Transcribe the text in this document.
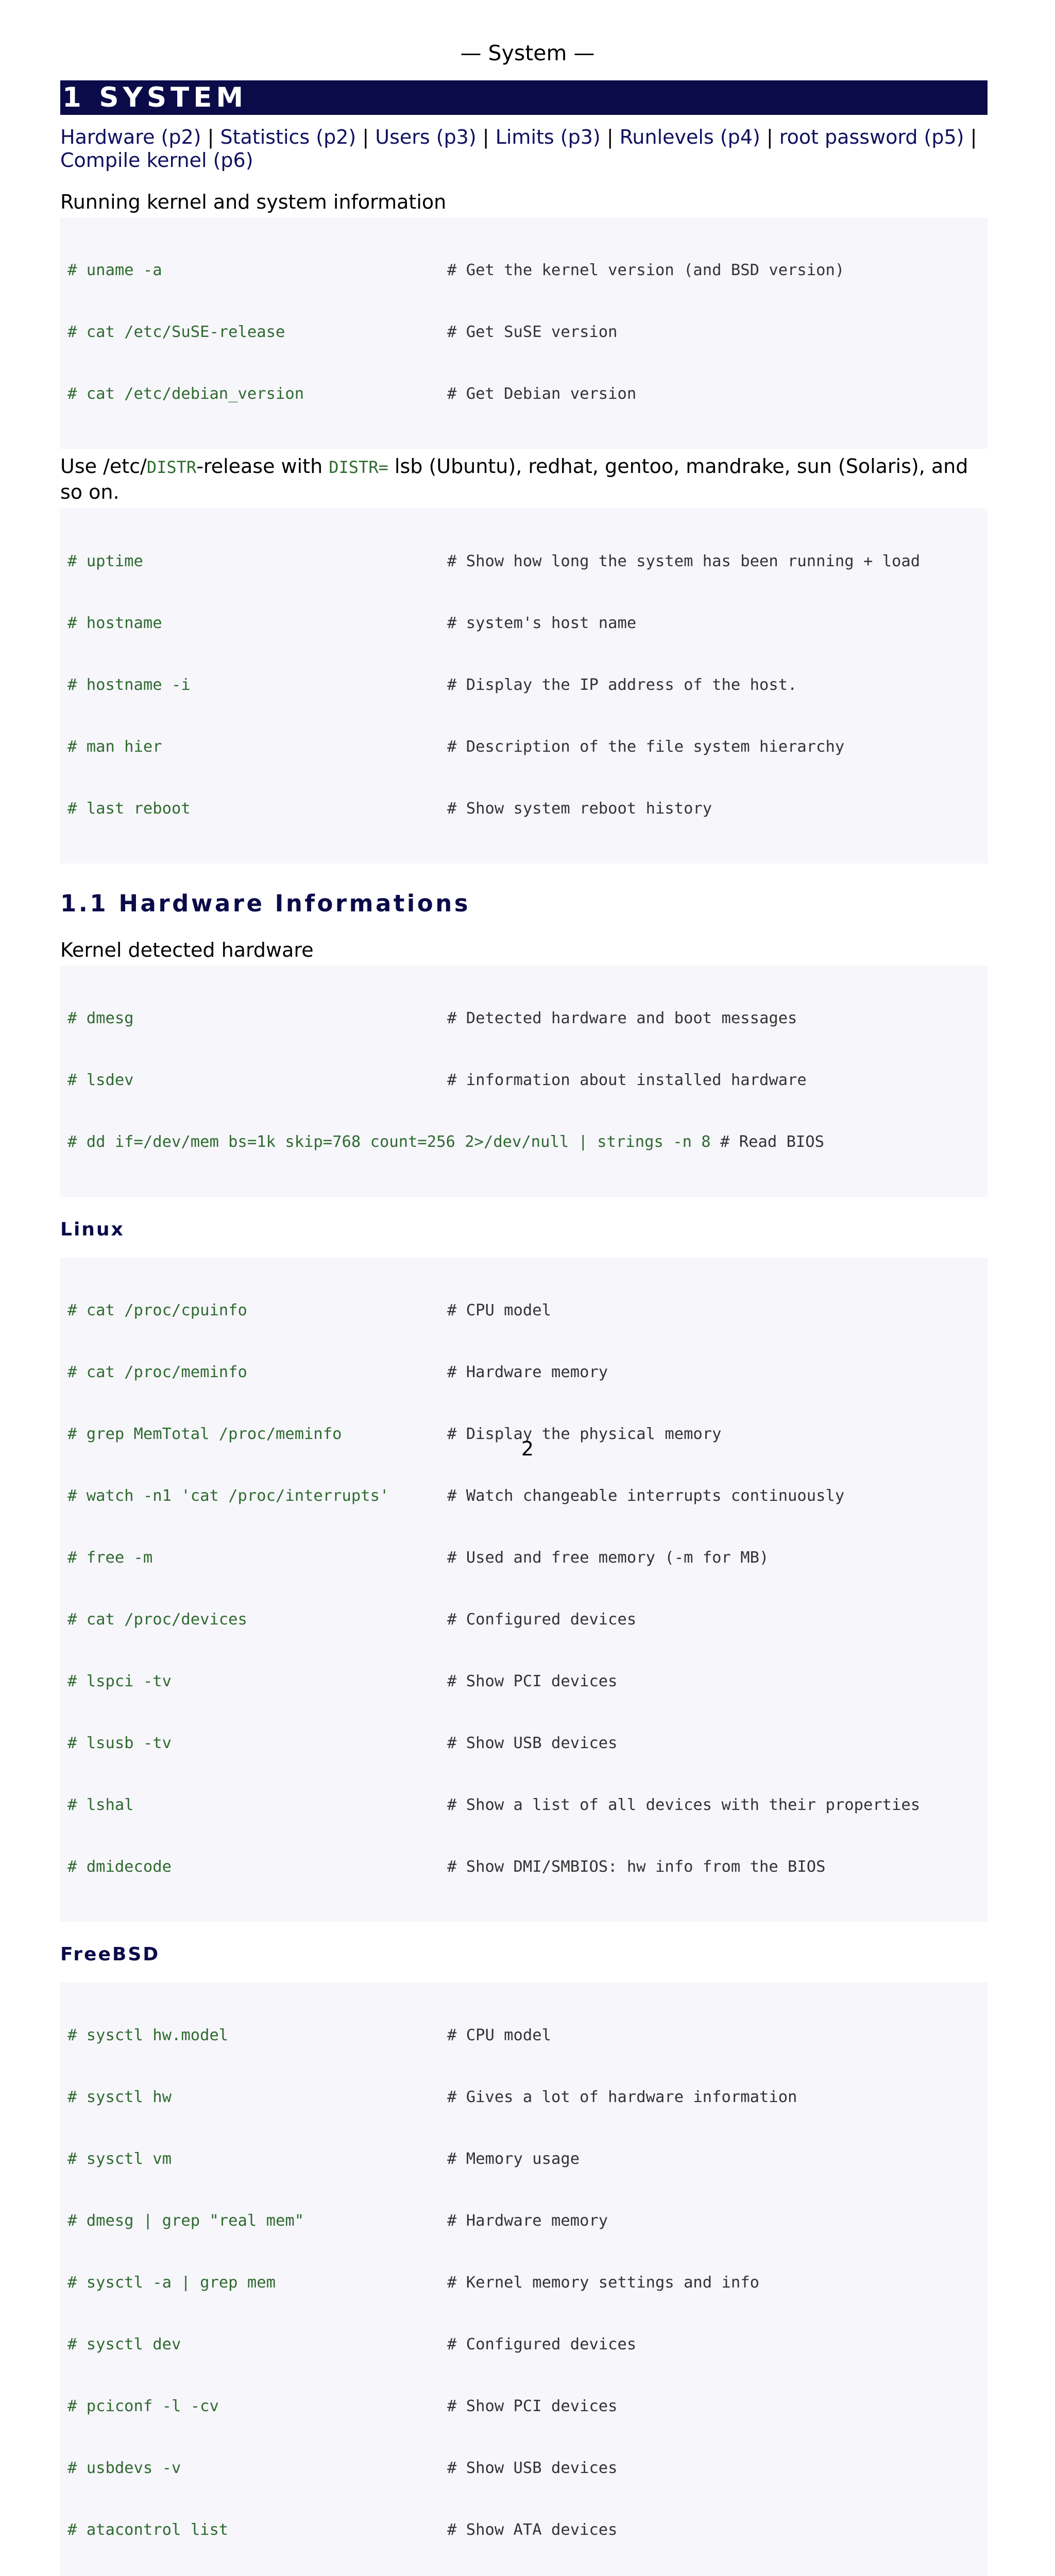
— System —
1 SYSTEM
Hardware (p2) | Statistics (p2) | Users (p3) | Limits (p3) | Runlevels (p4) | root password (p5) | Compile kernel (p6)
Running kernel and system information

# uname -a	# Get the kernel version (and BSD version)

# cat /etc/SuSE-release	# Get SuSE version

# cat /etc/debian_version	# Get Debian version

Use /etc/DISTR-release with DISTR= lsb (Ubuntu), redhat, gentoo, mandrake, sun (Solaris), and so on.

# uptime	# Show how long the system has been running + load

# hostname	# system's host name

# hostname -i	# Display the IP address of the host.

# man hier	# Description of the file system hierarchy

# last reboot	# Show system reboot history

1.1 Hardware Informations
Kernel detected hardware

# dmesg	# Detected hardware and boot messages

# lsdev	# information about installed hardware

# dd if=/dev/mem bs=1k skip=768 count=256 2>/dev/null | strings -n 8 # Read BIOS

Linux

# cat /proc/cpuinfo	# CPU model

# cat /proc/meminfo	# Hardware memory

# grep MemTotal /proc/meminfo	# Display the physical memory

# watch -n1 'cat /proc/interrupts'	# Watch changeable interrupts continuously

# free -m	# Used and free memory (-m for MB)

# cat /proc/devices	# Configured devices

# lspci -tv	# Show PCI devices

# lsusb -tv	# Show USB devices

# lshal	# Show a list of all devices with their properties

# dmidecode	# Show DMI/SMBIOS: hw info from the BIOS

FreeBSD

# sysctl hw.model	# CPU model

# sysctl hw	# Gives a lot of hardware information

# sysctl vm	# Memory usage

# dmesg | grep "real mem"	# Hardware memory

# sysctl -a | grep mem	# Kernel memory settings and info

# sysctl dev	# Configured devices

# pciconf -l -cv	# Show PCI devices

# usbdevs -v	# Show USB devices

# atacontrol list	# Show ATA devices

2
